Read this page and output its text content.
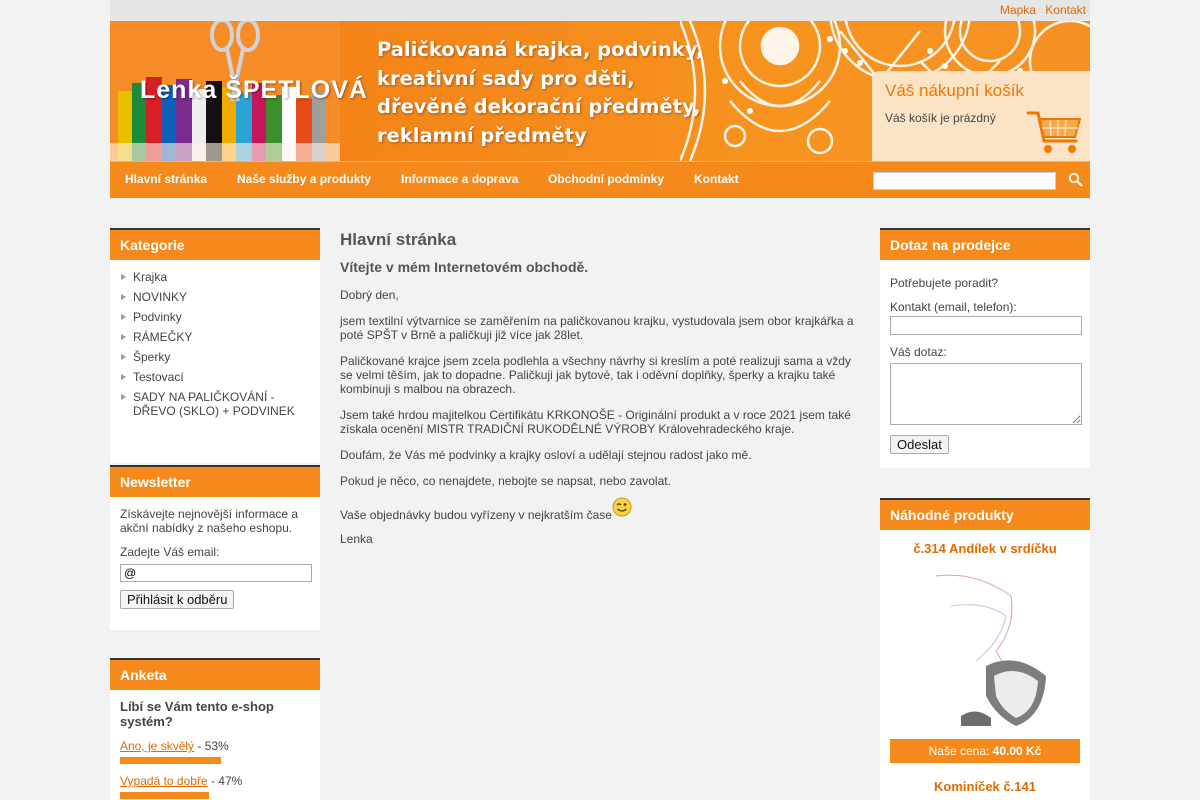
Mapka Kontakt
Lenka ŠPETLOVÁ
Paličkovaná krajka, podvinky,
kreativní sady pro děti,
dřevěné dekorační předměty,
reklamní předměty
Váš nákupní košík
Váš košík je prázdný
Hlavní stránka Naše služby a produkty Informace a doprava Obchodní podmínky	Kontakt
Kategorie
Krajka
NOVINKY
Podvinky
RÁMEČKY
Šperky
Testovací
SADY NA PALIČKOVÁNÍ - DŘEVO (SKLO) + PODVINEK
Newsletter

Získávejte nejnovější informace a akční nabídky z našeho eshopu.

Zadejte Váš email:

@
Přihlásit k odběru
Anketa
Líbí se Vám tento e-shop systém?
Ano, je skvělý - 53%
Vypadá to dobře - 47%
Hlavní stránka
Vítejte v mém Internetovém obchodě.

Dobrý den,

jsem textilní výtvarnice se zaměřením na paličkovanou krajku, vystudovala jsem obor krajkářka a poté SPŠT v Brně a paličkuji již více jak 28let.

Paličkované krajce jsem zcela podlehla a všechny návrhy si kreslím a poté realizuji sama a vždy se velmi těším, jak to dopadne. Paličkuji jak bytové, tak i oděvní doplňky, šperky a krajku také kombinuji s malbou na obrazech.

Jsem také hrdou majitelkou Certifikátu KRKONOŠE - Originální produkt a v roce 2021 jsem také získala ocenění MISTR TRADIČNÍ RUKODĚLNÉ VÝROBY Královehradeckého kraje.

Doufám, že Vás mé podvinky a krajky osloví a udělají stejnou radost jako mě.

Pokud je něco, co nenajdete, nebojte se napsat, nebo zavolat.

Vaše objednávky budou vyřízeny v nejkratším čase

Lenka

Dotaz na prodejce

Potřebujete poradit?

Kontakt (email, telefon):

Váš dotaz:

Odeslat
Náhodné produkty
č.314 Andílek v srdíčku
Naše cena: 40.00 Kč
Kominíček č.141
